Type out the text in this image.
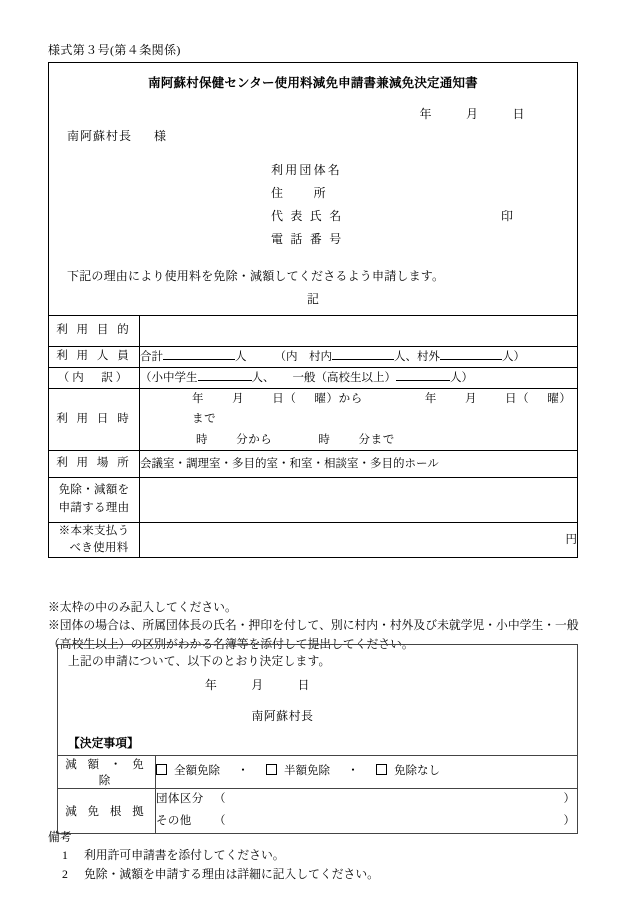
様式第３号(第４条関係)
南阿蘇村保健センター使用料減免申請書兼減免決定通知書
年	月	日
南阿蘇村長 様
利用団体名
住　　所
代 表 氏 名	印
電 話 番 号
下記の理由により使用料を免除・減額してくださるよう申請します。
記
利 用 目 的	
利 用 人 員	合計 人 （内　村内 人、村外 人）
（内　訳）	（小中学生 人、 一般（高校生以上） 人）
利 用 日 時	年 月 日（ 曜）から 年 月 日（ 曜）まで
時 分から 時 分まで

利 用 場 所	会議室・調理室・多目的室・和室・相談室・多目的ホール

免除・減額を
申請する理由	

※本来支払う
べき使用料	円

※太枠の中のみ記入してください。

※団体の場合は、所属団体長の氏名・押印を付して、別に村内・村外及び未就学児・小中学生・一般（高校生以上）の区別がわかる名簿等を添付して提出してください。

上記の申請について、以下のとおり決定します。
年	月	日
南阿蘇村長
【決定事項】
減 額 ・ 免 除	全額免除 ・ 半額免除 ・ 免除なし
減 免 根 拠	団体区分 （ ）
その他 （ ）

備考

1 利用許可申請書を添付してください。

2 免除・減額を申請する理由は詳細に記入してください。
